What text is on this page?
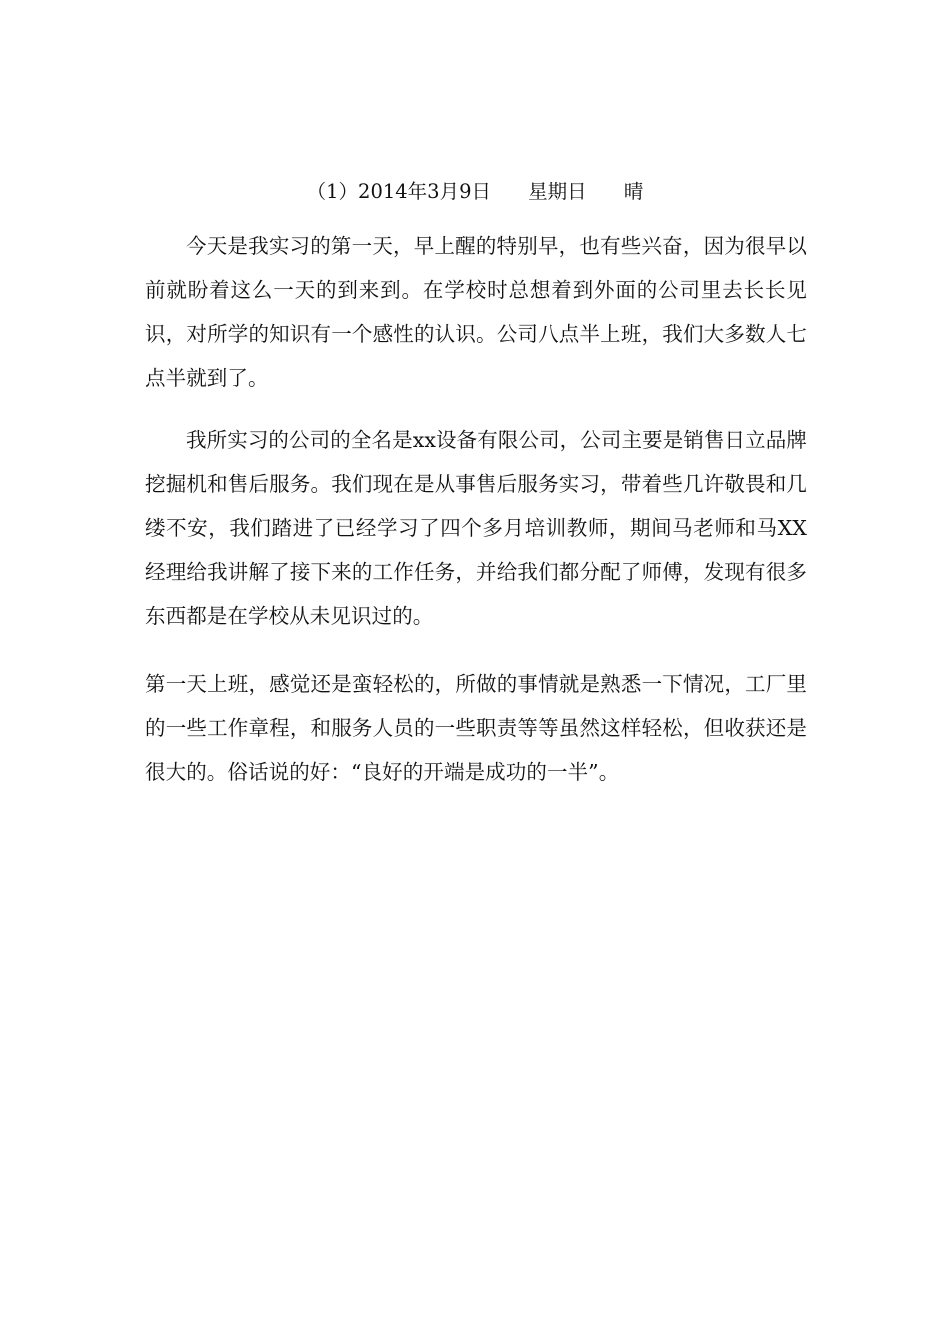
（1）2014年3月9日      星期日      晴

今天是我实习的第一天，早上醒的特别早，也有些兴奋，因为很早以前就盼着这么一天的到来到。在学校时总想着到外面的公司里去长长见识，对所学的知识有一个感性的认识。公司八点半上班，我们大多数人七点半就到了。

我所实习的公司的全名是xx设备有限公司，公司主要是销售日立品牌挖掘机和售后服务。我们现在是从事售后服务实习，带着些几许敬畏和几缕不安，我们踏进了已经学习了四个多月培训教师，期间马老师和马XX经理给我讲解了接下来的工作任务，并给我们都分配了师傅，发现有很多东西都是在学校从未见识过的。

第一天上班，感觉还是蛮轻松的，所做的事情就是熟悉一下情况，工厂里的一些工作章程，和服务人员的一些职责等等虽然这样轻松，但收获还是很大的。俗话说的好：“良好的开端是成功的一半”。
